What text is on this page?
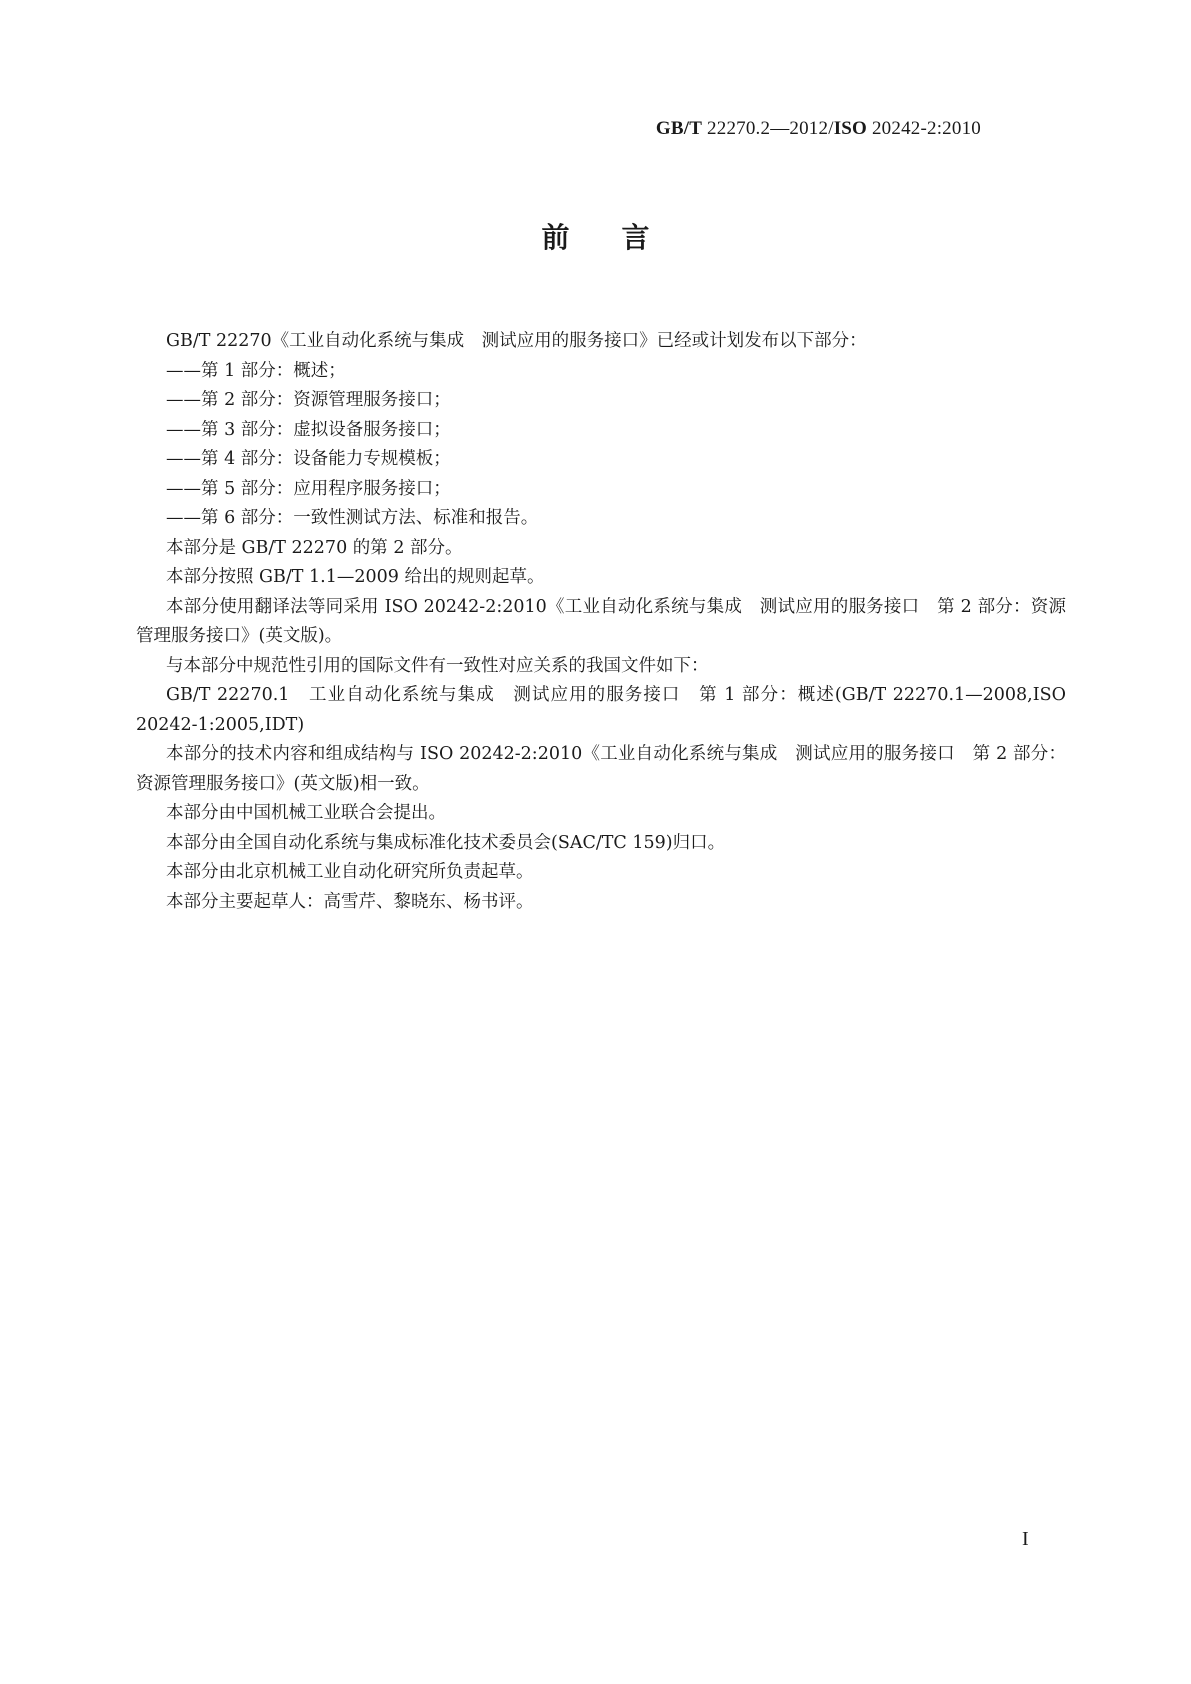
GB/T 22270.2—2012/ISO 20242-2:2010
前言

GB/T 22270《工业自动化系统与集成　测试应用的服务接口》已经或计划发布以下部分：

——第 1 部分：概述；

——第 2 部分：资源管理服务接口；

——第 3 部分：虚拟设备服务接口；

——第 4 部分：设备能力专规模板；

——第 5 部分：应用程序服务接口；

——第 6 部分：一致性测试方法、标准和报告。

本部分是 GB/T 22270 的第 2 部分。

本部分按照 GB/T 1.1—2009 给出的规则起草。

本部分使用翻译法等同采用 ISO 20242-2:2010《工业自动化系统与集成　测试应用的服务接口　第 2 部分：资源管理服务接口》(英文版)。

与本部分中规范性引用的国际文件有一致性对应关系的我国文件如下：

GB/T 22270.1　工业自动化系统与集成　测试应用的服务接口　第 1 部分：概述(GB/T 22270.1—2008,ISO 20242-1:2005,IDT)

本部分的技术内容和组成结构与 ISO 20242-2:2010《工业自动化系统与集成　测试应用的服务接口　第 2 部分：资源管理服务接口》(英文版)相一致。

本部分由中国机械工业联合会提出。

本部分由全国自动化系统与集成标准化技术委员会(SAC/TC 159)归口。

本部分由北京机械工业自动化研究所负责起草。

本部分主要起草人：高雪芹、黎晓东、杨书评。

I
